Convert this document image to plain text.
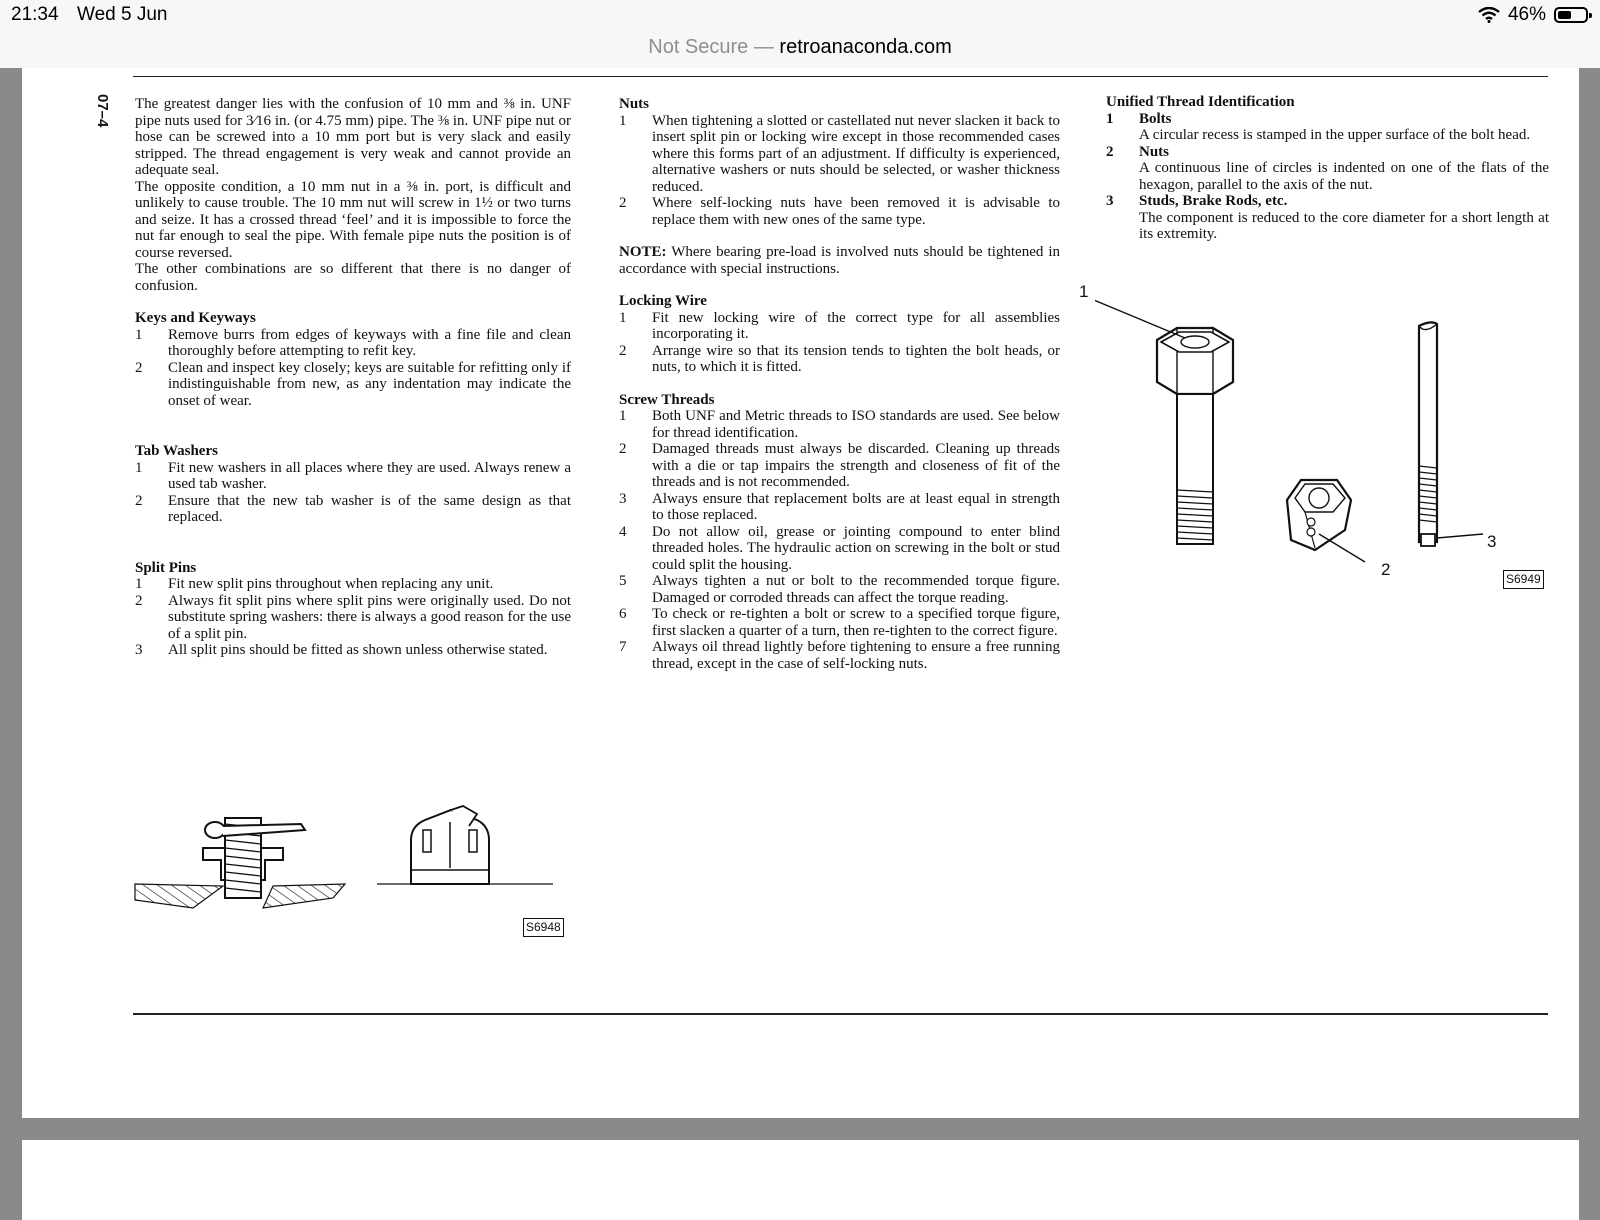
21:34 Wed 5 Jun	46%
Not Secure — retroanaconda.com
07–4 The greatest danger lies with the confusion of 10 mm and ⅜ in. UNF pipe nuts used for 3⁄16 in. (or 4.75 mm) pipe. The ⅜ in. UNF pipe nut or hose can be screwed into a 10 mm port but is very slack and easily stripped. The thread engagement is very weak and cannot provide an adequate seal.

The opposite condition, a 10 mm nut in a ⅜ in. port, is difficult and unlikely to cause trouble. The 10 mm nut will screw in 1½ or two turns and seize. It has a crossed thread ‘feel’ and it is impossible to force the nut far enough to seal the pipe. With female pipe nuts the position is of course reversed.

The other combinations are so different that there is no danger of confusion.

Keys and Keyways
1	Remove burrs from edges of keyways with a fine file and clean thoroughly before attempting to refit key.
2	Clean and inspect key closely; keys are suitable for refitting only if indistinguishable from new, as any indentation may indicate the onset of wear.
Tab Washers
1	Fit new washers in all places where they are used. Always renew a used tab washer.
2	Ensure that the new tab washer is of the same design as that replaced.
Split Pins
1	Fit new split pins throughout when replacing any unit.
2	Always fit split pins where split pins were originally used. Do not substitute spring washers: there is always a good reason for the use of a split pin.
3	All split pins should be fitted as shown unless otherwise stated.
S6948
Nuts
1	When tightening a slotted or castellated nut never slacken it back to insert split pin or locking wire except in those recommended cases where this forms part of an adjustment. If difficulty is experienced, alternative washers or nuts should be selected, or washer thickness reduced.
2	Where self-locking nuts have been removed it is advisable to replace them with new ones of the same type.

NOTE: Where bearing pre-load is involved nuts should be tightened in accordance with special instructions.

Locking Wire
1	Fit new locking wire of the correct type for all assemblies incorporating it.
2	Arrange wire so that its tension tends to tighten the bolt heads, or nuts, to which it is fitted.
Screw Threads
1	Both UNF and Metric threads to ISO standards are used. See below for thread identification.
2	Damaged threads must always be discarded. Cleaning up threads with a die or tap impairs the strength and closeness of fit of the threads and is not recommended.
3	Always ensure that replacement bolts are at least equal in strength to those replaced.
4	Do not allow oil, grease or jointing compound to enter blind threaded holes. The hydraulic action on screwing in the bolt or stud could split the housing.
5	Always tighten a nut or bolt to the recommended torque figure. Damaged or corroded threads can affect the torque reading.
6	To check or re-tighten a bolt or screw to a specified torque figure, first slacken a quarter of a turn, then re-tighten to the correct figure.
7	Always oil thread lightly before tightening to ensure a free running thread, except in the case of self-locking nuts.
Unified Thread Identification
1	Bolts
A circular recess is stamped in the upper surface of the bolt head.
2	Nuts
A continuous line of circles is indented on one of the flats of the hexagon, parallel to the axis of the nut.
3	Studs, Brake Rods, etc.
The component is reduced to the core diameter for a short length at its extremity.
1
2
3
S6949
